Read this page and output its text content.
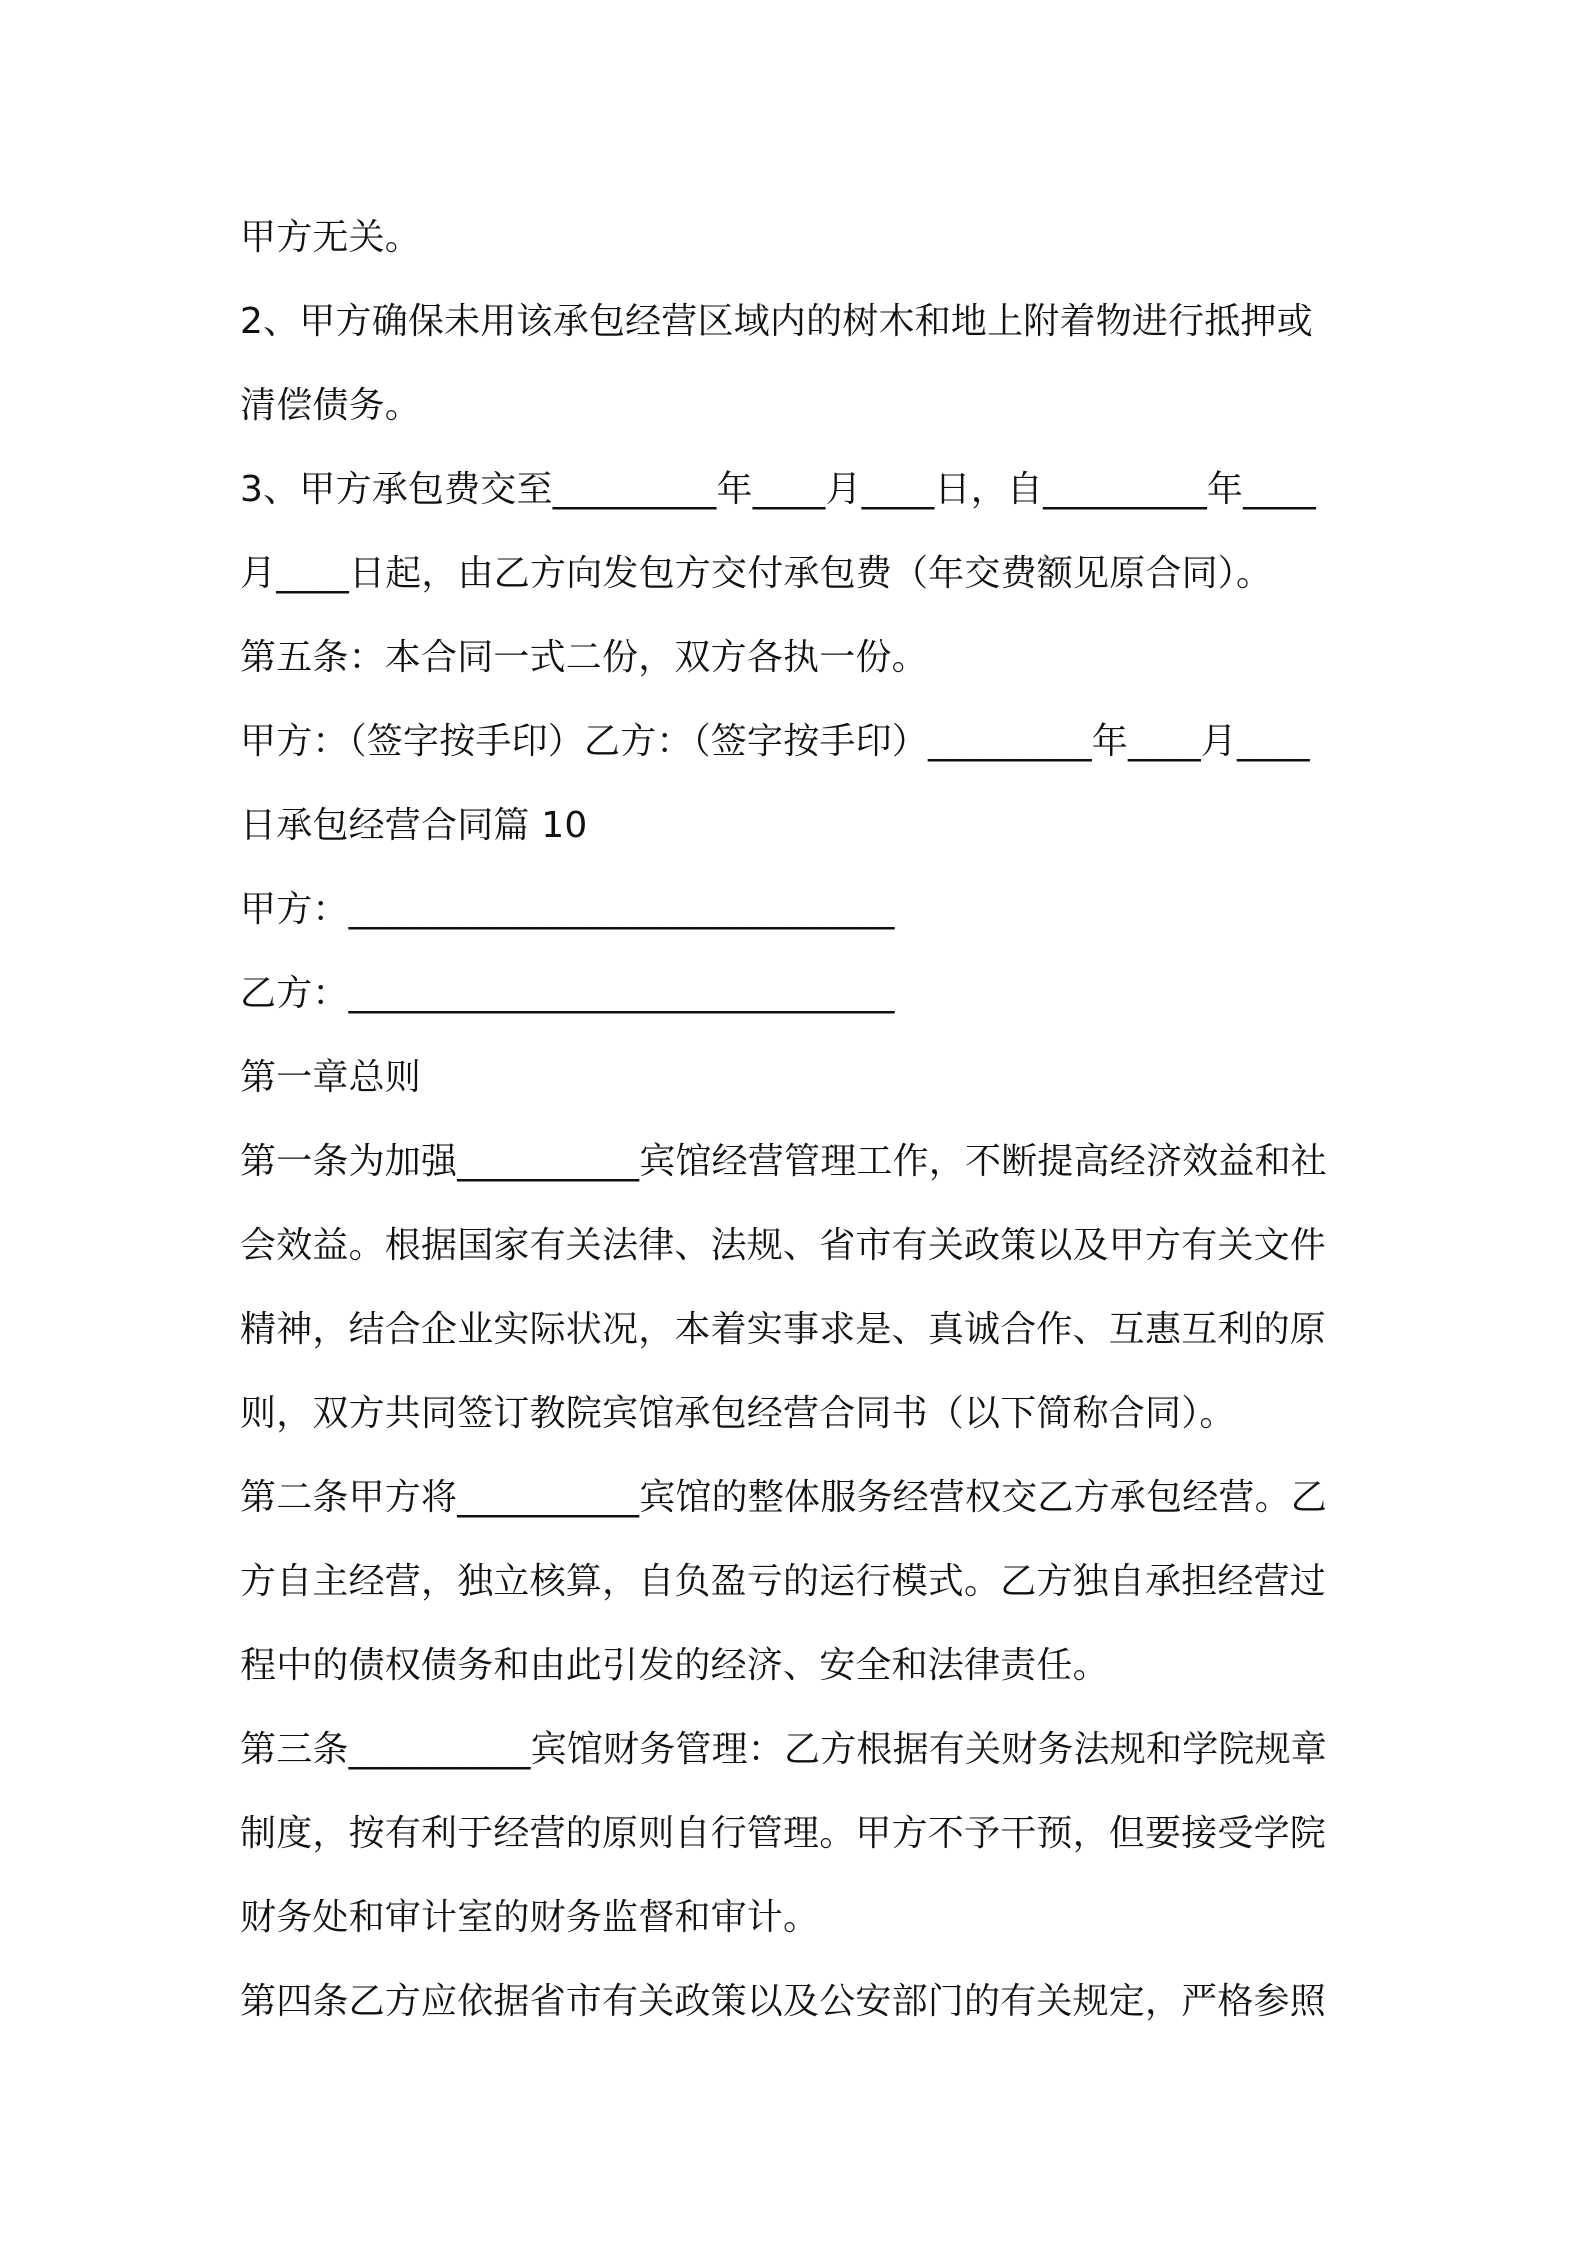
甲方无关。
2、甲方确保未用该承包经营区域内的树木和地上附着物进行抵押或
清偿债务。
3、甲方承包费交至_________年____月____日，自_________年____
月____日起，由乙方向发包方交付承包费（年交费额见原合同）。
第五条：本合同一式二份，双方各执一份。
甲方：（签字按手印）乙方：（签字按手印）_________年____月____
日承包经营合同篇 10
甲方：______________________________
乙方：______________________________
第一章总则
第一条为加强__________宾馆经营管理工作，不断提高经济效益和社
会效益。根据国家有关法律、法规、省市有关政策以及甲方有关文件
精神，结合企业实际状况，本着实事求是、真诚合作、互惠互利的原
则，双方共同签订教院宾馆承包经营合同书（以下简称合同）。
第二条甲方将__________宾馆的整体服务经营权交乙方承包经营。乙
方自主经营，独立核算，自负盈亏的运行模式。乙方独自承担经营过
程中的债权债务和由此引发的经济、安全和法律责任。
第三条__________宾馆财务管理：乙方根据有关财务法规和学院规章
制度，按有利于经营的原则自行管理。甲方不予干预，但要接受学院
财务处和审计室的财务监督和审计。
第四条乙方应依据省市有关政策以及公安部门的有关规定，严格参照
